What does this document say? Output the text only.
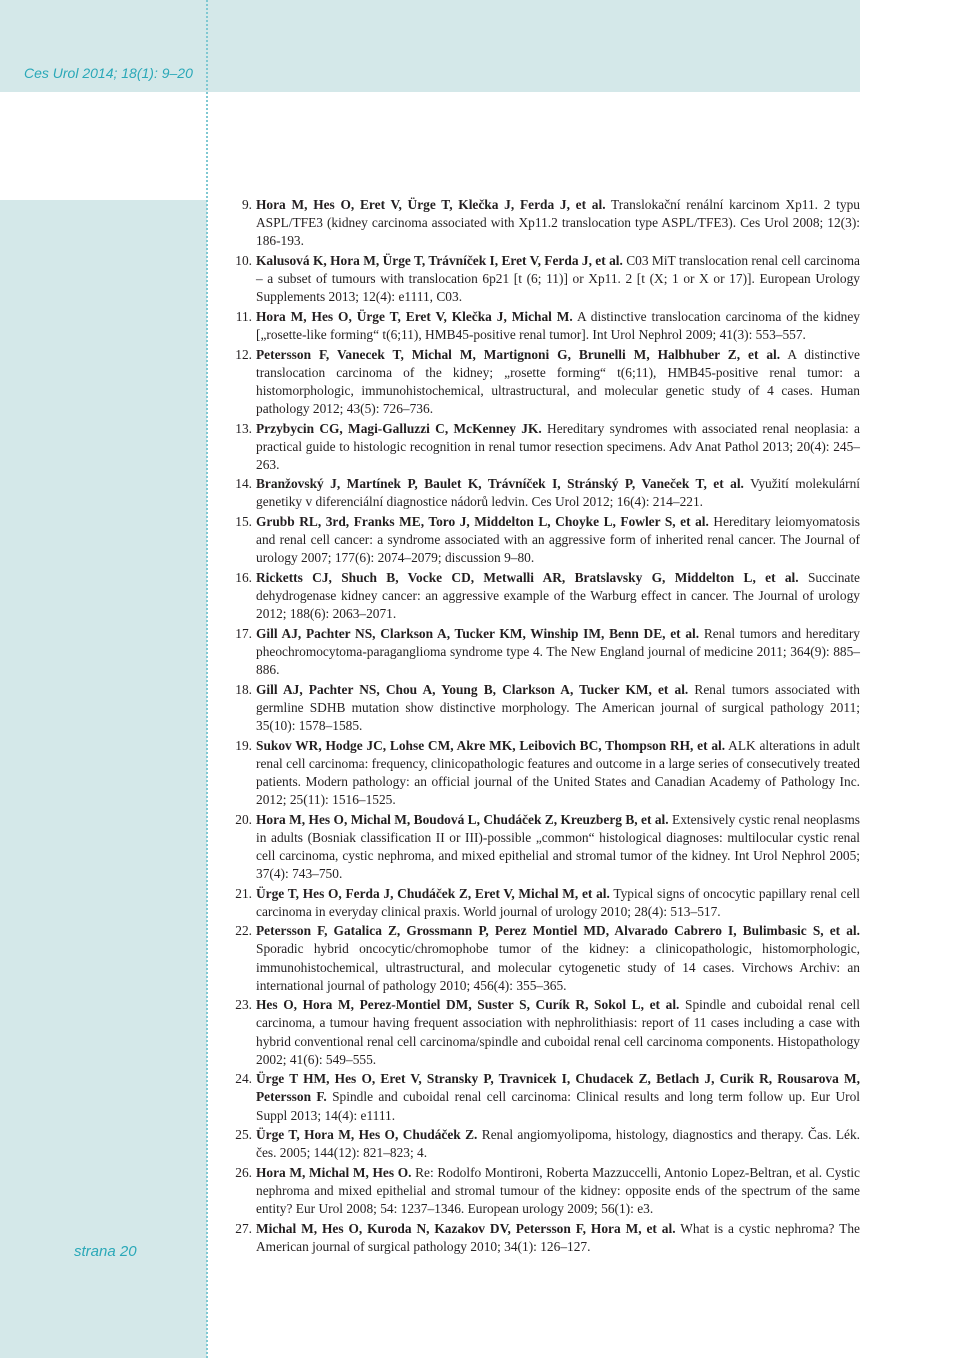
Ces Urol 2014; 18(1): 9–20

strana 20

9. Hora M, Hes O, Eret V, Ürge T, Klečka J, Ferda J, et al. Translokační renální karcinom Xp11. 2 typu ASPL/TFE3 (kidney carcinoma associated with Xp11.2 translocation type ASPL/TFE3). Ces Urol 2008; 12(3): 186-193.
10. Kalusová K, Hora M, Ürge T, Trávníček I, Eret V, Ferda J, et al. C03 MiT translocation renal cell carcinoma – a subset of tumours with translocation 6p21 [t (6; 11)] or Xp11. 2 [t (X; 1 or X or 17)]. European Urology Supplements 2013; 12(4): e1111, C03.
11. Hora M, Hes O, Ürge T, Eret V, Klečka J, Michal M. A distinctive translocation carcinoma of the kidney [„rosette-like forming“ t(6;11), HMB45-positive renal tumor]. Int Urol Nephrol 2009; 41(3): 553–557.
12. Petersson F, Vanecek T, Michal M, Martignoni G, Brunelli M, Halbhuber Z, et al. A distinctive translocation carcinoma of the kidney; „rosette forming“ t(6;11), HMB45-positive renal tumor: a histomorphologic, immunohistochemical, ultrastructural, and molecular genetic study of 4 cases. Human pathology 2012; 43(5): 726–736.
13. Przybycin CG, Magi-Galluzzi C, McKenney JK. Hereditary syndromes with associated renal neoplasia: a practical guide to histologic recognition in renal tumor resection specimens. Adv Anat Pathol 2013; 20(4): 245–263.
14. Branžovský J, Martínek P, Baulet K, Trávníček I, Stránský P, Vaneček T, et al. Využití molekulární genetiky v diferenciální diagnostice nádorů ledvin. Ces Urol 2012; 16(4): 214–221.
15. Grubb RL, 3rd, Franks ME, Toro J, Middelton L, Choyke L, Fowler S, et al. Hereditary leiomyomatosis and renal cell cancer: a syndrome associated with an aggressive form of inherited renal cancer. The Journal of urology 2007; 177(6): 2074–2079; discussion 9–80.
16. Ricketts CJ, Shuch B, Vocke CD, Metwalli AR, Bratslavsky G, Middelton L, et al. Succinate dehydrogenase kidney cancer: an aggressive example of the Warburg effect in cancer. The Journal of urology 2012; 188(6): 2063–2071.
17. Gill AJ, Pachter NS, Clarkson A, Tucker KM, Winship IM, Benn DE, et al. Renal tumors and hereditary pheochromocytoma-paraganglioma syndrome type 4. The New England journal of medicine 2011; 364(9): 885–886.
18. Gill AJ, Pachter NS, Chou A, Young B, Clarkson A, Tucker KM, et al. Renal tumors associated with germline SDHB mutation show distinctive morphology. The American journal of surgical pathology 2011; 35(10): 1578–1585.
19. Sukov WR, Hodge JC, Lohse CM, Akre MK, Leibovich BC, Thompson RH, et al. ALK alterations in adult renal cell carcinoma: frequency, clinicopathologic features and outcome in a large series of consecutively treated patients. Modern pathology: an official journal of the United States and Canadian Academy of Pathology Inc. 2012; 25(11): 1516–1525.
20. Hora M, Hes O, Michal M, Boudová L, Chudáček Z, Kreuzberg B, et al. Extensively cystic renal neoplasms in adults (Bosniak classification II or III)-possible „common“ histological diagnoses: multilocular cystic renal cell carcinoma, cystic nephroma, and mixed epithelial and stromal tumor of the kidney. Int Urol Nephrol 2005; 37(4): 743–750.
21. Ürge T, Hes O, Ferda J, Chudáček Z, Eret V, Michal M, et al. Typical signs of oncocytic papillary renal cell carcinoma in everyday clinical praxis. World journal of urology 2010; 28(4): 513–517.
22. Petersson F, Gatalica Z, Grossmann P, Perez Montiel MD, Alvarado Cabrero I, Bulimbasic S, et al. Sporadic hybrid oncocytic/chromophobe tumor of the kidney: a clinicopathologic, histomorphologic, immunohistochemical, ultrastructural, and molecular cytogenetic study of 14 cases. Virchows Archiv: an international journal of pathology 2010; 456(4): 355–365.
23. Hes O, Hora M, Perez-Montiel DM, Suster S, Curík R, Sokol L, et al. Spindle and cuboidal renal cell carcinoma, a tumour having frequent association with nephrolithiasis: report of 11 cases including a case with hybrid conventional renal cell carcinoma/spindle and cuboidal renal cell carcinoma components. Histopathology 2002; 41(6): 549–555.
24. Ürge T HM, Hes O, Eret V, Stransky P, Travnicek I, Chudacek Z, Betlach J, Curik R, Rousarova M, Petersson F. Spindle and cuboidal renal cell carcinoma: Clinical results and long term follow up. Eur Urol Suppl 2013; 14(4): e1111.
25. Ürge T, Hora M, Hes O, Chudáček Z. Renal angiomyolipoma, histology, diagnostics and therapy. Čas. Lék. čes. 2005; 144(12): 821–823; 4.
26. Hora M, Michal M, Hes O. Re: Rodolfo Montironi, Roberta Mazzuccelli, Antonio Lopez-Beltran, et al. Cystic nephroma and mixed epithelial and stromal tumour of the kidney: opposite ends of the spectrum of the same entity? Eur Urol 2008; 54: 1237–1346. European urology 2009; 56(1): e3.
27. Michal M, Hes O, Kuroda N, Kazakov DV, Petersson F, Hora M, et al. What is a cystic nephroma? The American journal of surgical pathology 2010; 34(1): 126–127.
